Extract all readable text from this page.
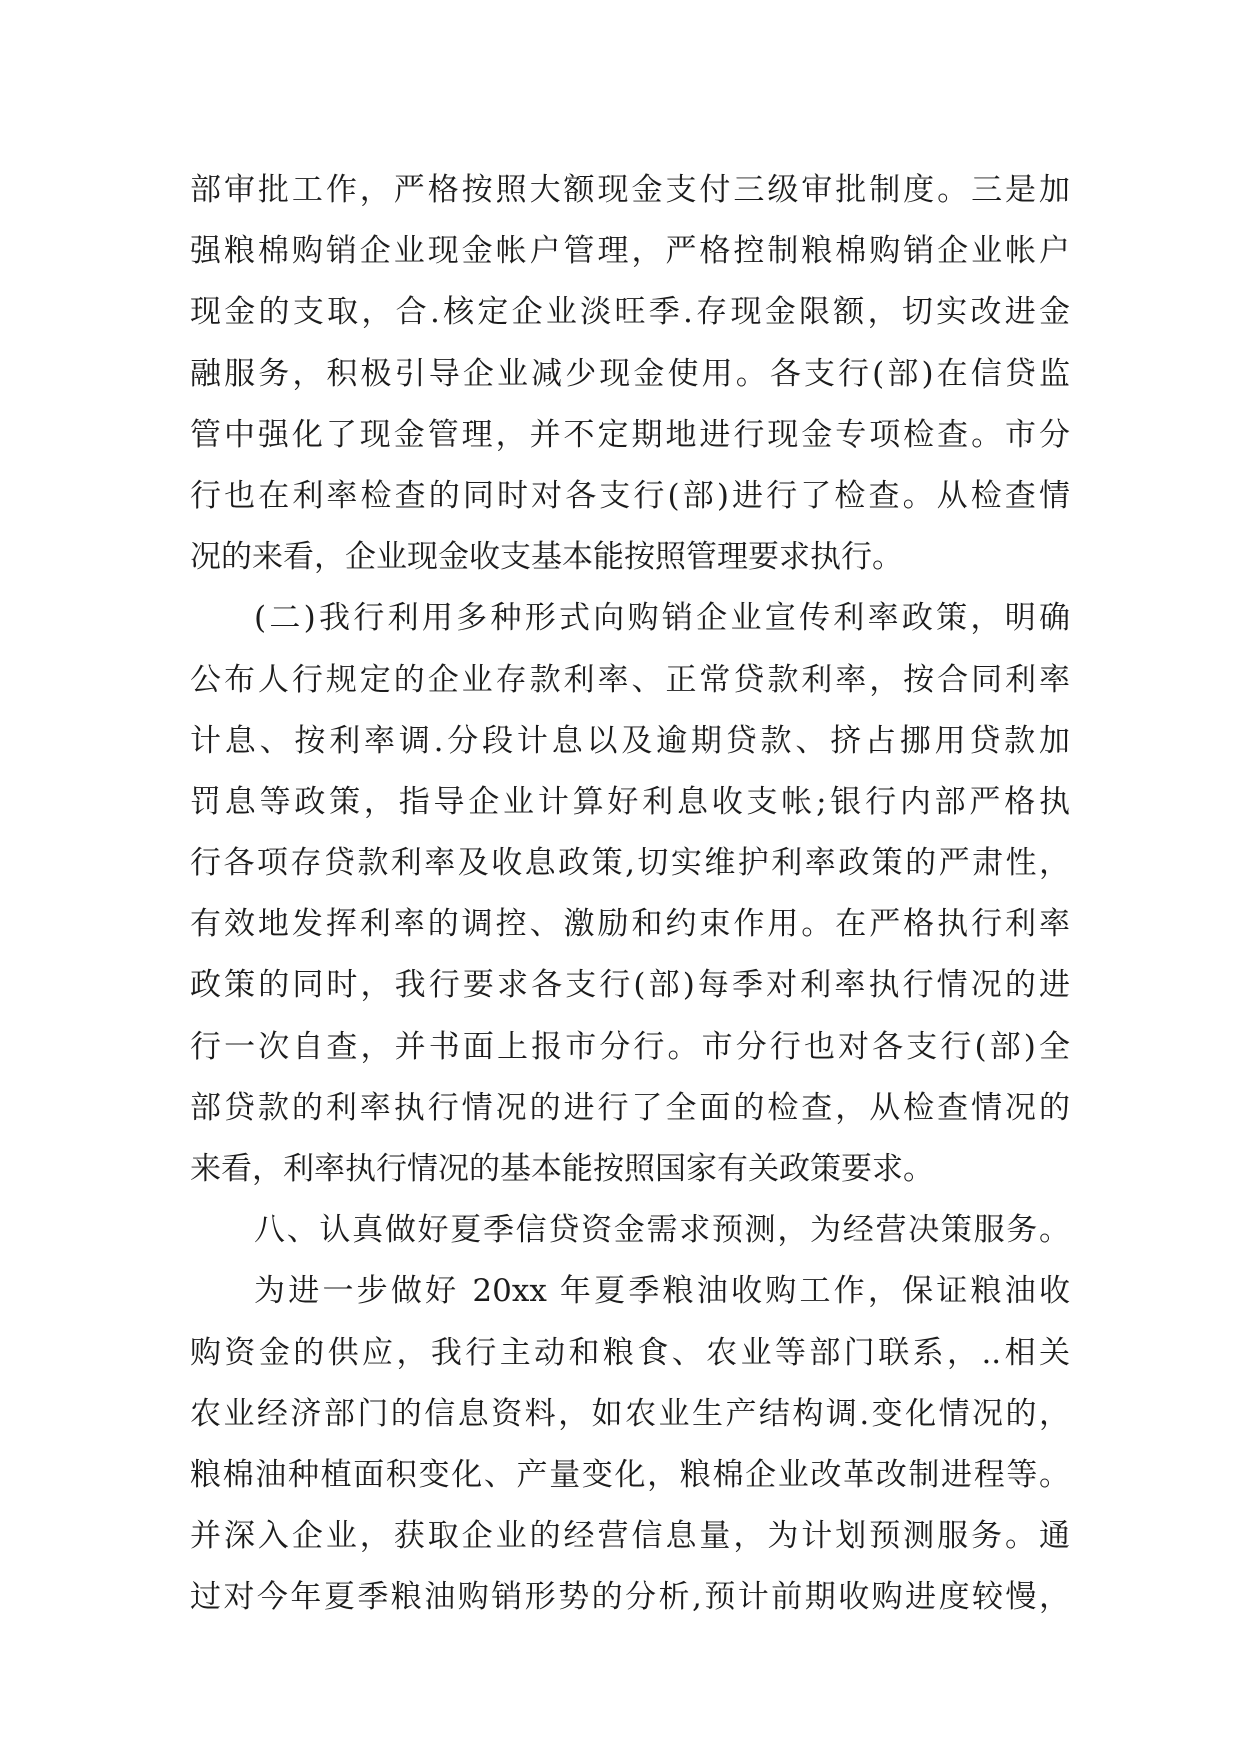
部审批工作，严格按照大额现金支付三级审批制度。三是加
强粮棉购销企业现金帐户管理，严格控制粮棉购销企业帐户
现金的支取，合.核定企业淡旺季.存现金限额，切实改进金
融服务，积极引导企业减少现金使用。各支行(部)在信贷监
管中强化了现金管理，并不定期地进行现金专项检查。市分
行也在利率检查的同时对各支行(部)进行了检查。从检查情
况的来看，企业现金收支基本能按照管理要求执行。
(二)我行利用多种形式向购销企业宣传利率政策，明确
公布人行规定的企业存款利率、正常贷款利率，按合同利率
计息、按利率调.分段计息以及逾期贷款、挤占挪用贷款加
罚息等政策，指导企业计算好利息收支帐;银行内部严格执
行各项存贷款利率及收息政策,切实维护利率政策的严肃性，
有效地发挥利率的调控、激励和约束作用。在严格执行利率
政策的同时，我行要求各支行(部)每季对利率执行情况的进
行一次自查，并书面上报市分行。市分行也对各支行(部)全
部贷款的利率执行情况的进行了全面的检查，从检查情况的
来看，利率执行情况的基本能按照国家有关政策要求。
八、认真做好夏季信贷资金需求预测，为经营决策服务。
为进一步做好 20xx 年夏季粮油收购工作，保证粮油收
购资金的供应，我行主动和粮食、农业等部门联系，..相关
农业经济部门的信息资料，如农业生产结构调.变化情况的，
粮棉油种植面积变化、产量变化，粮棉企业改革改制进程等。
并深入企业，获取企业的经营信息量，为计划预测服务。通
过对今年夏季粮油购销形势的分析,预计前期收购进度较慢，
